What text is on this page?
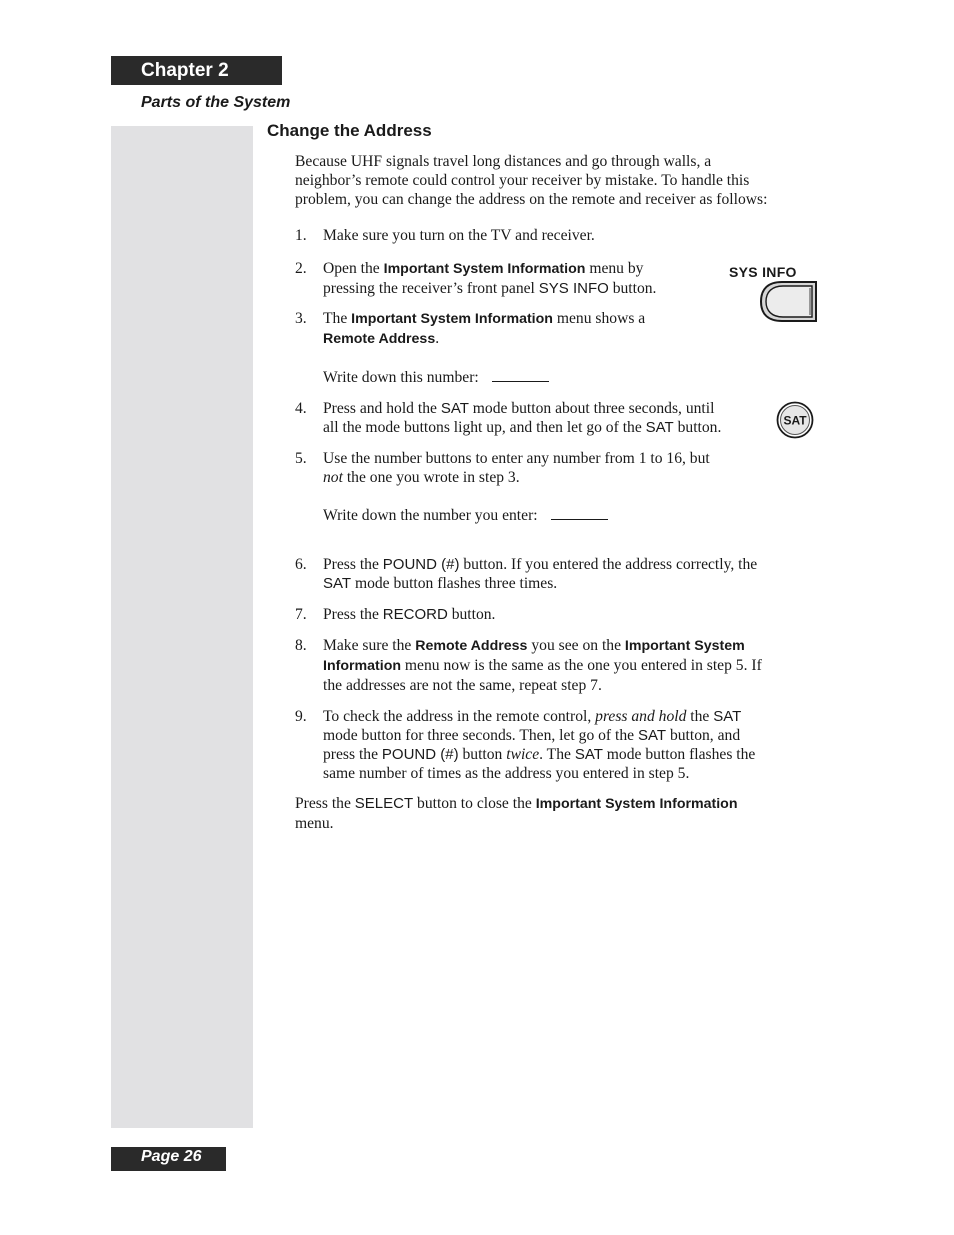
Chapter 2
Parts of the System
Change the Address

Because UHF signals travel long distances and go through walls, a
neighbor’s remote could control your receiver by mistake. To handle this
problem, you can change the address on the remote and receiver as follows:

1. Make sure you turn on the TV and receiver.
2. Open the Important System Information menu by
pressing the receiver’s front panel SYS INFO button.
3. The Important System Information menu shows a
Remote Address.
Write down this number:
4. Press and hold the SAT mode button about three seconds, until
all the mode buttons light up, and then let go of the SAT button.
5. Use the number buttons to enter any number from 1 to 16, but
not the one you wrote in step 3.
Write down the number you enter:
6. Press the POUND (#) button. If you entered the address correctly, the
SAT mode button flashes three times.
7. Press the RECORD button.
8. Make sure the Remote Address you see on the Important System
Information menu now is the same as the one you entered in step 5. If
the addresses are not the same, repeat step 7.
9. To check the address in the remote control, press and hold the SAT
mode button for three seconds. Then, let go of the SAT button, and
press the POUND (#) button twice. The SAT mode button flashes the
same number of times as the address you entered in step 5.

Press the SELECT button to close the Important System Information
menu.

SYS INFO
SAT
Page 26
